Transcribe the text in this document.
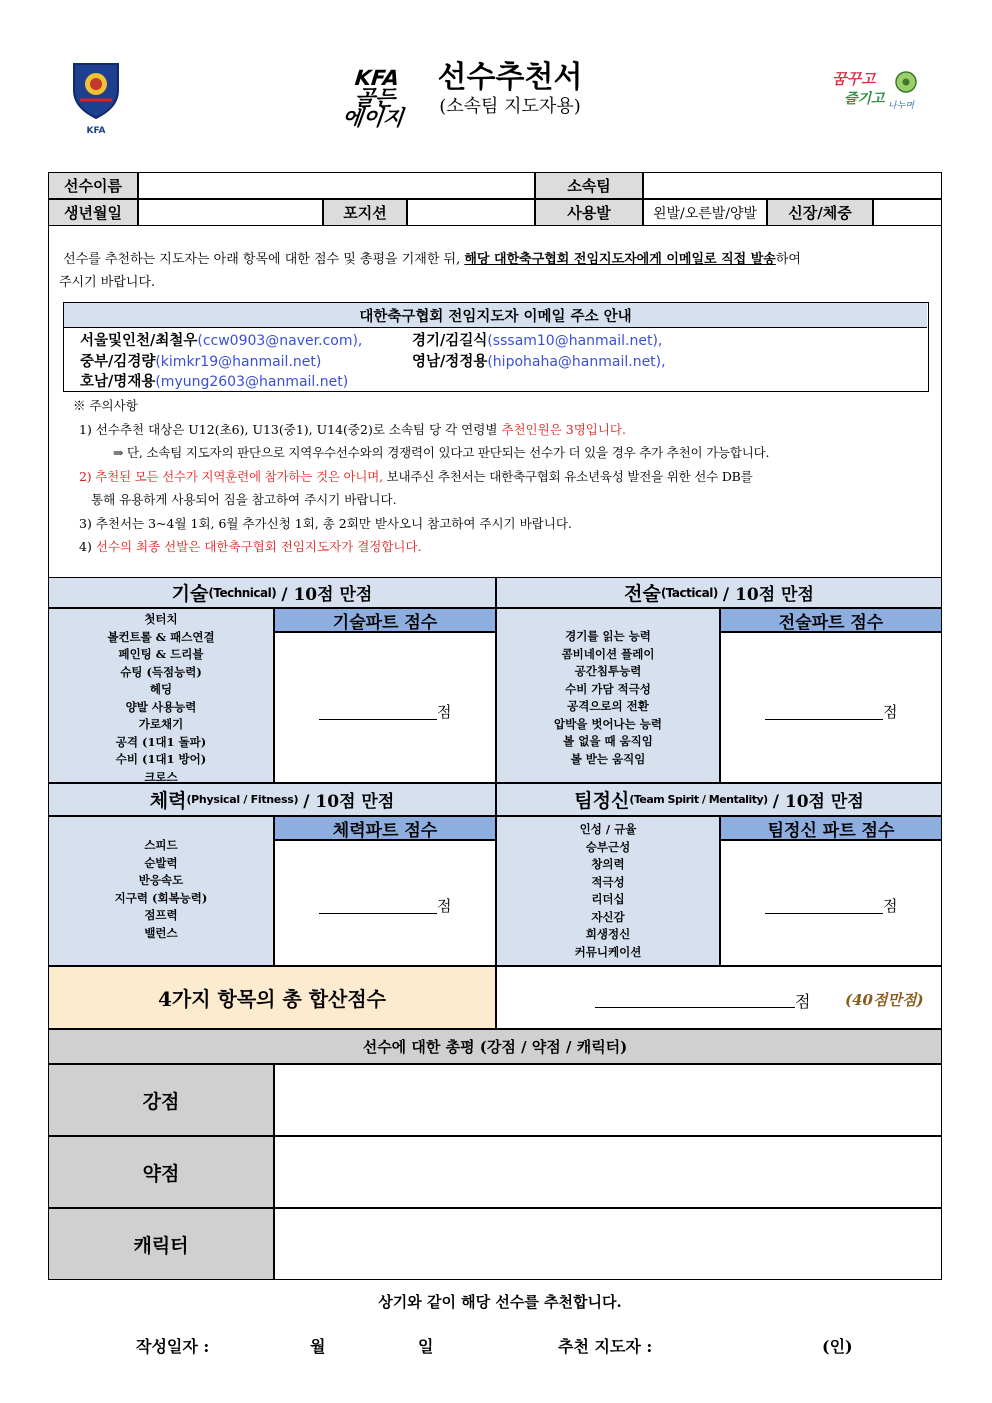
KFA
KFA
골든
에이지
선수추천서
(소속팀 지도자용)
꿈꾸고
즐기고 나누며
선수이름	소속팀
생년월일	포지션	사용발	왼발/오른발/양발	신장/체중
선수를 추천하는 지도자는 아래 항목에 대한 점수 및 총평을 기재한 뒤, 해당 대한축구협회 전임지도자에게 이메일로 직접 발송하여
주시기 바랍니다.
대한축구협회 전임지도자 이메일 주소 안내
서울및인천/최철우(ccw0903@naver.com),	경기/김길식(sssam10@hanmail.net),
중부/김경량(kimkr19@hanmail.net)	영남/정정용(hipohaha@hanmail.net),
호남/명재용(myung2603@hanmail.net)
※ 주의사항
1) 선수추천 대상은 U12(초6), U13(중1), U14(중2)로 소속팀 당 각 연령별 추천인원은 3명입니다.
⇒ 단, 소속팀 지도자의 판단으로 지역우수선수와의 경쟁력이 있다고 판단되는 선수가 더 있을 경우 추가 추천이 가능합니다.
2) 추천된 모든 선수가 지역훈련에 참가하는 것은 아니며, 보내주신 추천서는 대한축구협회 유소년육성 발전을 위한 선수 DB를
통해 유용하게 사용되어 짐을 참고하여 주시기 바랍니다.
3) 추천서는 3~4월 1회, 6월 추가신청 1회, 총 2회만 받사오니 참고하여 주시기 바랍니다.
4) 선수의 최종 선발은 대한축구협회 전임지도자가 결정합니다.
기술 (Technical)
/ 10점 만점	전술 (Tactical)
/ 10점 만점
첫터치
볼컨트롤 & 패스연결
페인팅 & 드리블
슈팅 (득점능력)
헤딩
양발 사용능력
가로채기
공격 (1대1 돌파)
수비 (1대1 방어)
크로스
기술파트 점수
점
경기를 읽는 능력
콤비네이션 플레이
공간침투능력
수비 가담 적극성
공격으로의 전환
압박을 벗어나는 능력
볼 없을 때 움직임
볼 받는 움직임
전술파트 점수
점
체력 (Physical / Fitness)
/ 10점 만점	팀정신 (Team Spirit / Mentality)
/ 10점 만점
스피드
순발력
반응속도
지구력 (회복능력)
점프력
밸런스
체력파트 점수
점
인성 / 규율
승부근성
창의력
적극성
리더십
자신감
희생정신
커뮤니케이션
팀정신 파트 점수
점
4가지 항목의 총 합산점수	점 (40점만점)
선수에 대한 총평 (강점 / 약점 / 캐릭터)
강점
약점
캐릭터
상기와 같이 해당 선수를 추천합니다.
작성일자 :	월	일	추천 지도자 :	(인)
